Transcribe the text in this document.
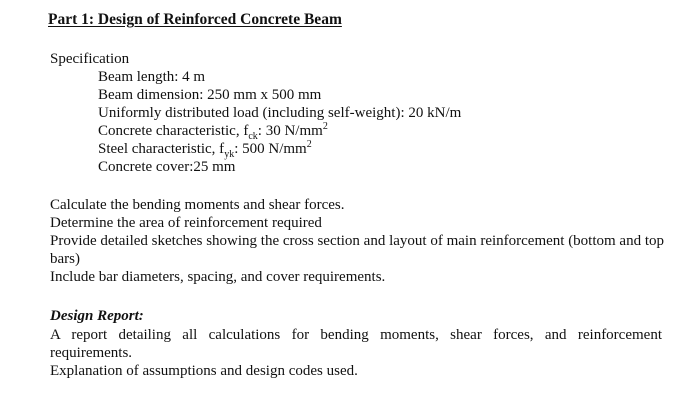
Part 1: Design of Reinforced Concrete Beam
Specification
Beam length: 4 m
Beam dimension: 250 mm x 500 mm
Uniformly distributed load (including self-weight): 20 kN/m
Concrete characteristic, $f_{ck}$: 30 $N/mm^2$
Steel characteristic, $f_{yk}$: 500 $N/mm^2$
Concrete cover:25 mm
Calculate the bending moments and shear forces.
Determine the area of reinforcement required
Provide detailed sketches showing the cross section and layout of main reinforcement (bottom and top bars)
Include bar diameters, spacing, and cover requirements.
Design Report:
A report detailing all calculations for bending moments, shear forces, and reinforcement requirements.
Explanation of assumptions and design codes used.
